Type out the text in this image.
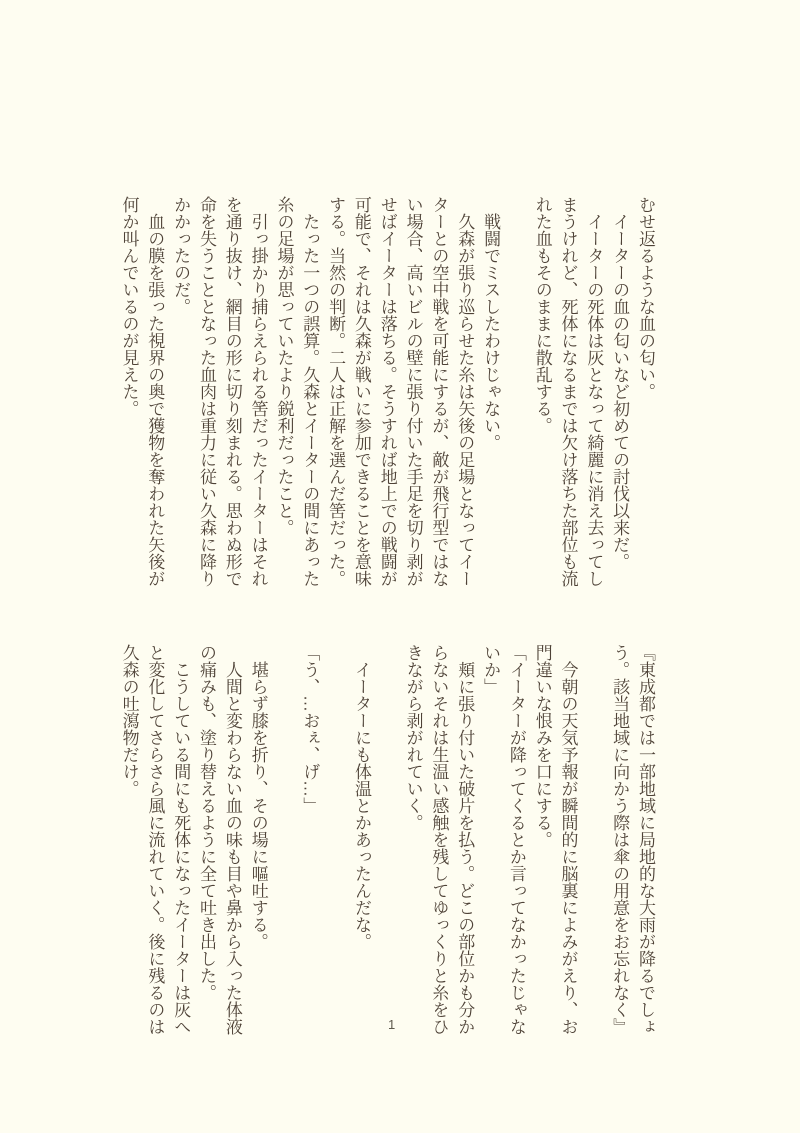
むせ返るような血の匂い。

　イーターの血の匂いなど初めての討伐以来だ。

　イーターの死体は灰となって綺麗に消え去ってしまうけれど、死体になるまでは欠け落ちた部位も流れた血もそのままに散乱する。

　戦闘でミスしたわけじゃない。

　久森が張り巡らせた糸は矢後の足場となってイーターとの空中戦を可能にするが、敵が飛行型ではない場合、高いビルの壁に張り付いた手足を切り剥がせばイーターは落ちる。そうすれば地上での戦闘が可能で、それは久森が戦いに参加できることを意味する。当然の判断。二人は正解を選んだ筈だった。

　たった一つの誤算。久森とイーターの間にあった糸の足場が思っていたより鋭利だったこと。

　引っ掛かり捕らえられる筈だったイーターはそれを通り抜け、網目の形に切り刻まれる。思わぬ形で命を失うこととなった血肉は重力に従い久森に降りかかったのだ。

　血の膜を張った視界の奥で獲物を奪われた矢後が何か叫んでいるのが見えた。

『東成都では一部地域に局地的な大雨が降るでしょう。該当地域に向かう際は傘の用意をお忘れなく』

　今朝の天気予報が瞬間的に脳裏によみがえり、お門違いな恨みを口にする。

「イーターが降ってくるとか言ってなかったじゃないか」

　頬に張り付いた破片を払う。どこの部位かも分からないそれは生温い感触を残してゆっくりと糸をひきながら剥がれていく。

　イーターにも体温とかあったんだな。

「う、…おぇ、げ…」

　堪らず膝を折り、その場に嘔吐する。

　人間と変わらない血の味も目や鼻から入った体液の痛みも、塗り替えるように全て吐き出した。

　こうしている間にも死体になったイーターは灰へと変化してさらさら風に流れていく。後に残るのは久森の吐瀉物だけ。

1
